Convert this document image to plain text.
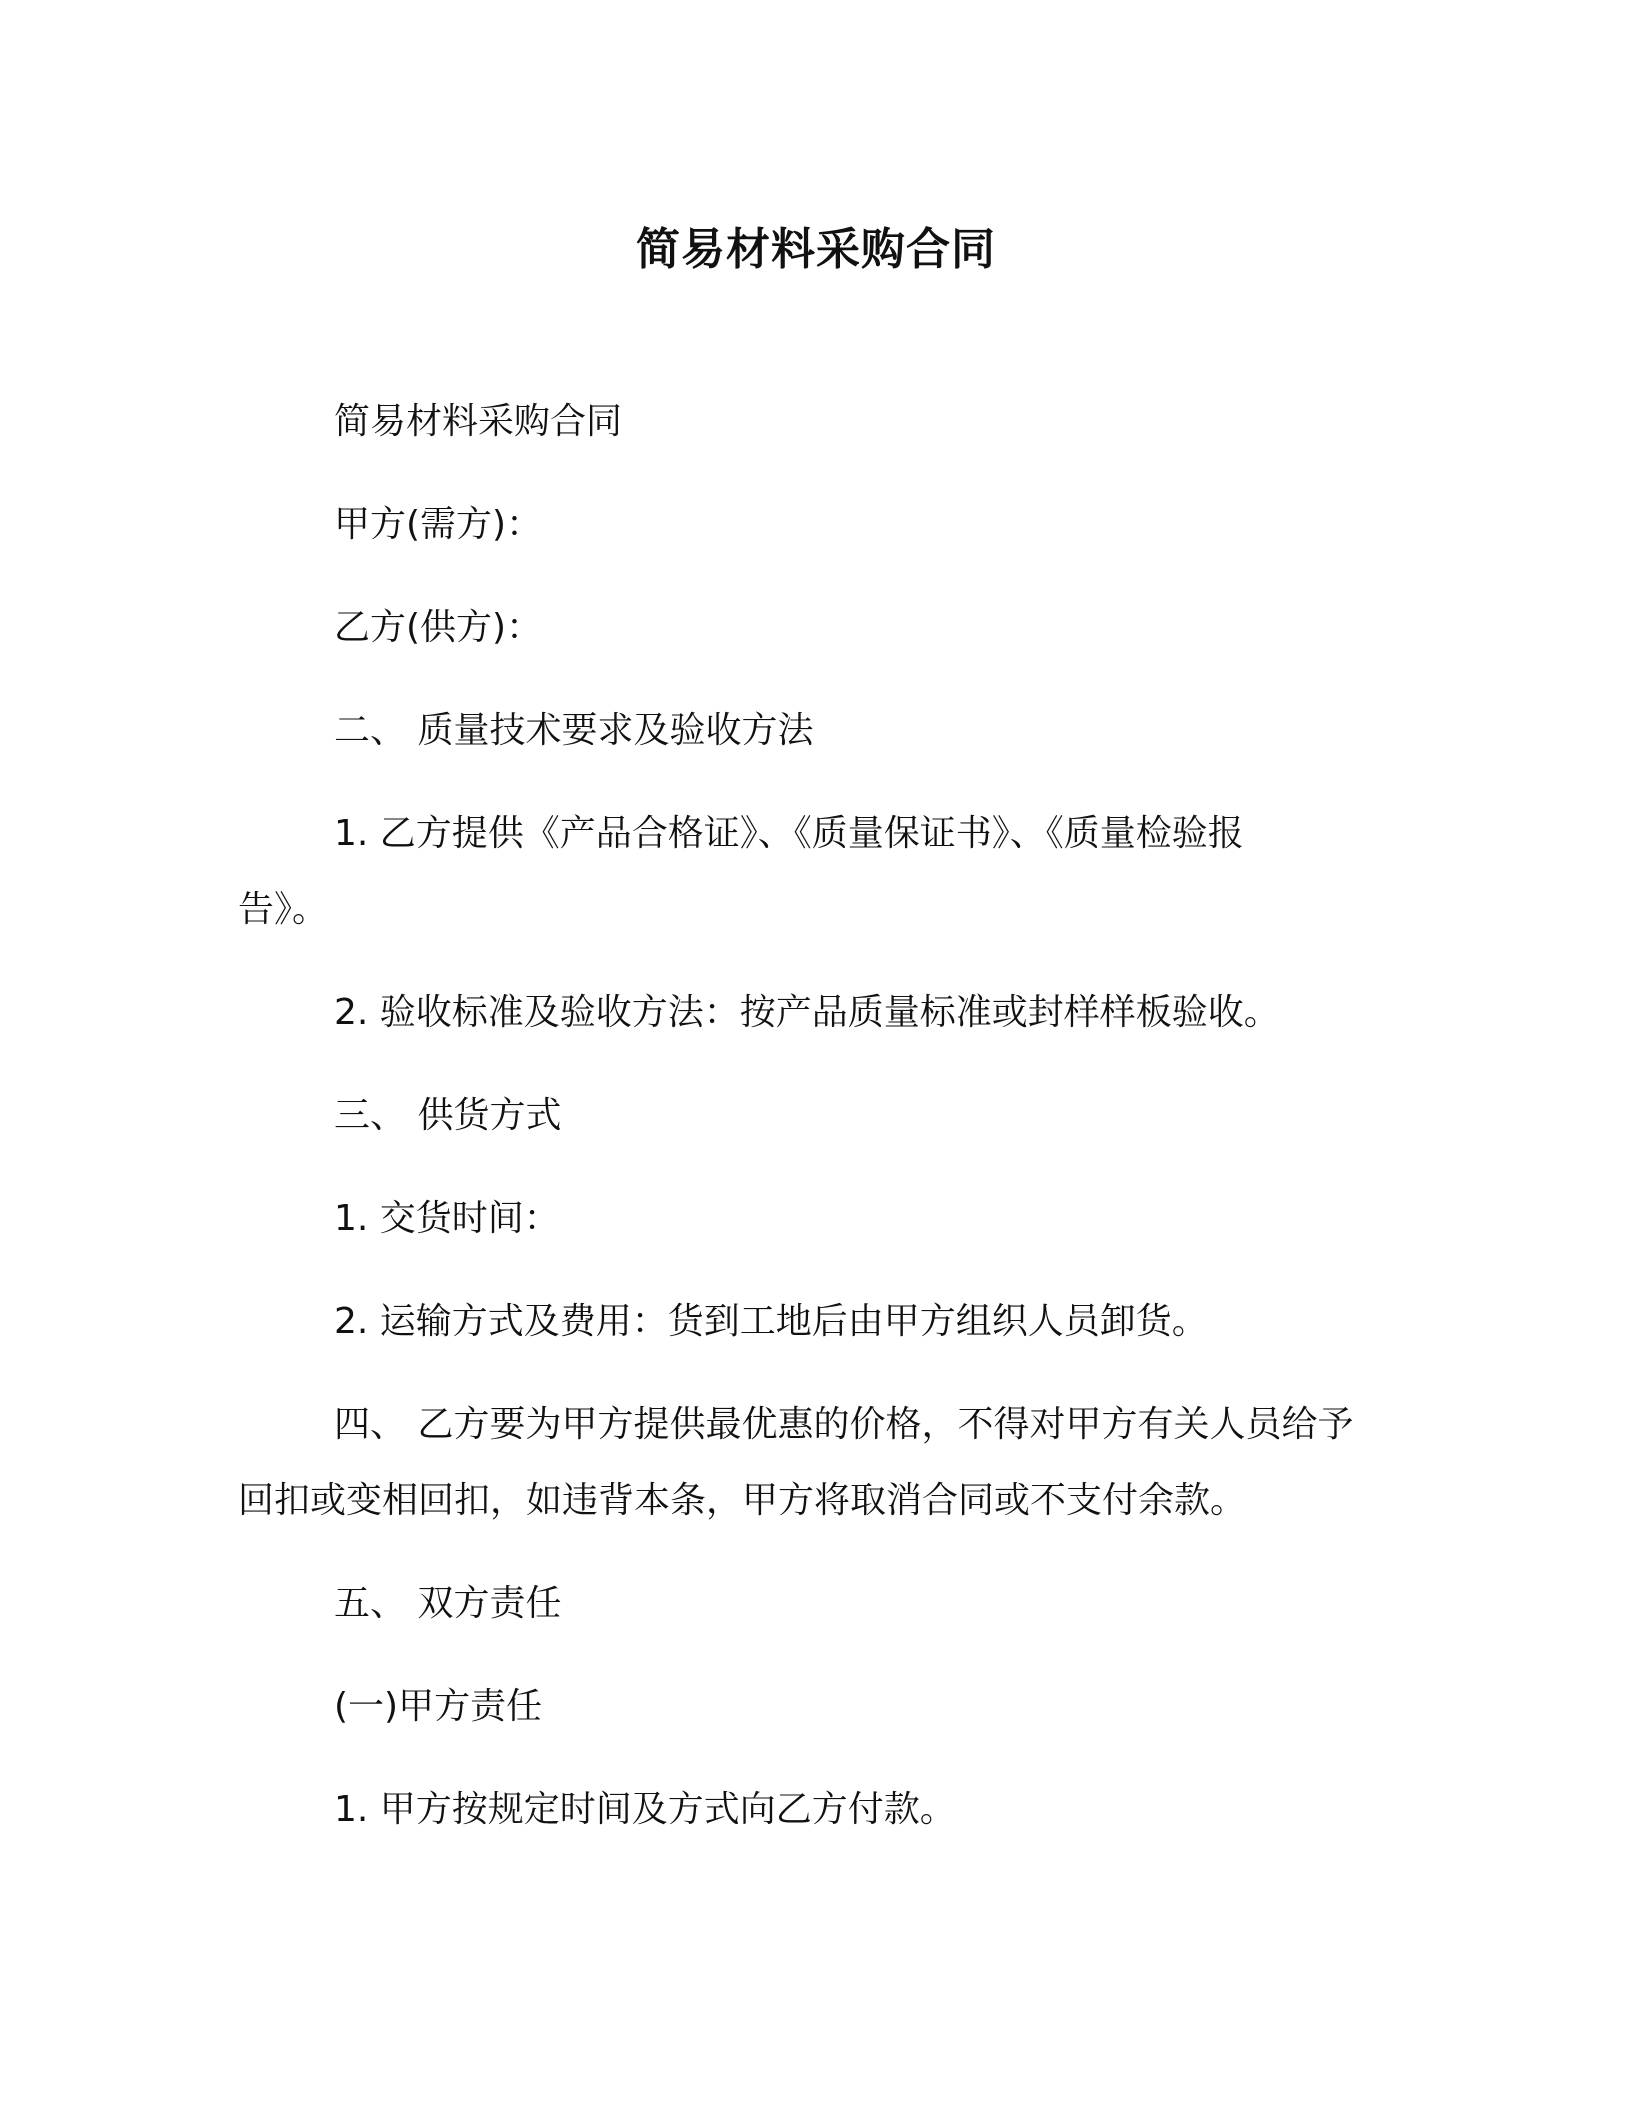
简易材料采购合同
简易材料采购合同
甲方(需方)：
乙方(供方)：
二、 质量技术要求及验收方法
1. 乙方提供《产品合格证》、《质量保证书》、《质量检验报
告》。
2. 验收标准及验收方法：按产品质量标准或封样样板验收。
三、 供货方式
1. 交货时间：
2. 运输方式及费用：货到工地后由甲方组织人员卸货。
四、 乙方要为甲方提供最优惠的价格，不得对甲方有关人员给予
回扣或变相回扣，如违背本条，甲方将取消合同或不支付余款。
五、 双方责任
(一)甲方责任
1. 甲方按规定时间及方式向乙方付款。
